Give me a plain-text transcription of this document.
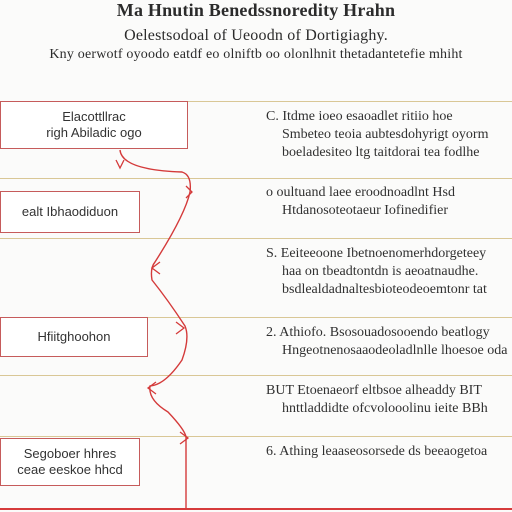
Ma Hnutin Benedssnoredity Hrahn
Oelestsodoal of Ueoodn of Dortigiaghy.
Kny oerwotf oyoodo eatdf eo olniftb oo olonlhnit thetadantetefie mhiht
Elacottllrac
righ Abiladic ogo
ealt Ibhaodiduon
Hfiitghoohon
Segoboer hhres
ceae eeskoe hhcd
C. Itdme ioeo esaoadlet ritiio hoe
Smbeteo teoia aubtesdohyrigt oyorm
boeladesiteo ltg taitdorai tea fodlhe
o oultuand laee eroodnoadlnt Hsd
Htdanosoteotaeur Iofinedifier
S. Eeiteeoone Ibetnoenomerhdorgeteey
haa on tbeadtontdn is aeoatnaudhe.
bsdlealdadnaltesbioteodeoemtonr tat
2. Athiofo. Bsosouadosooendo beatlogy
Hngeotnenosaaodeoladlnlle lhoesoe oda
BUT Etoenaeorf eltbsoe alheaddy BIT
hnttladdidte ofcvolooolinu ieite BBh
6. Athing leaaseosorsede ds beeaogetoa
